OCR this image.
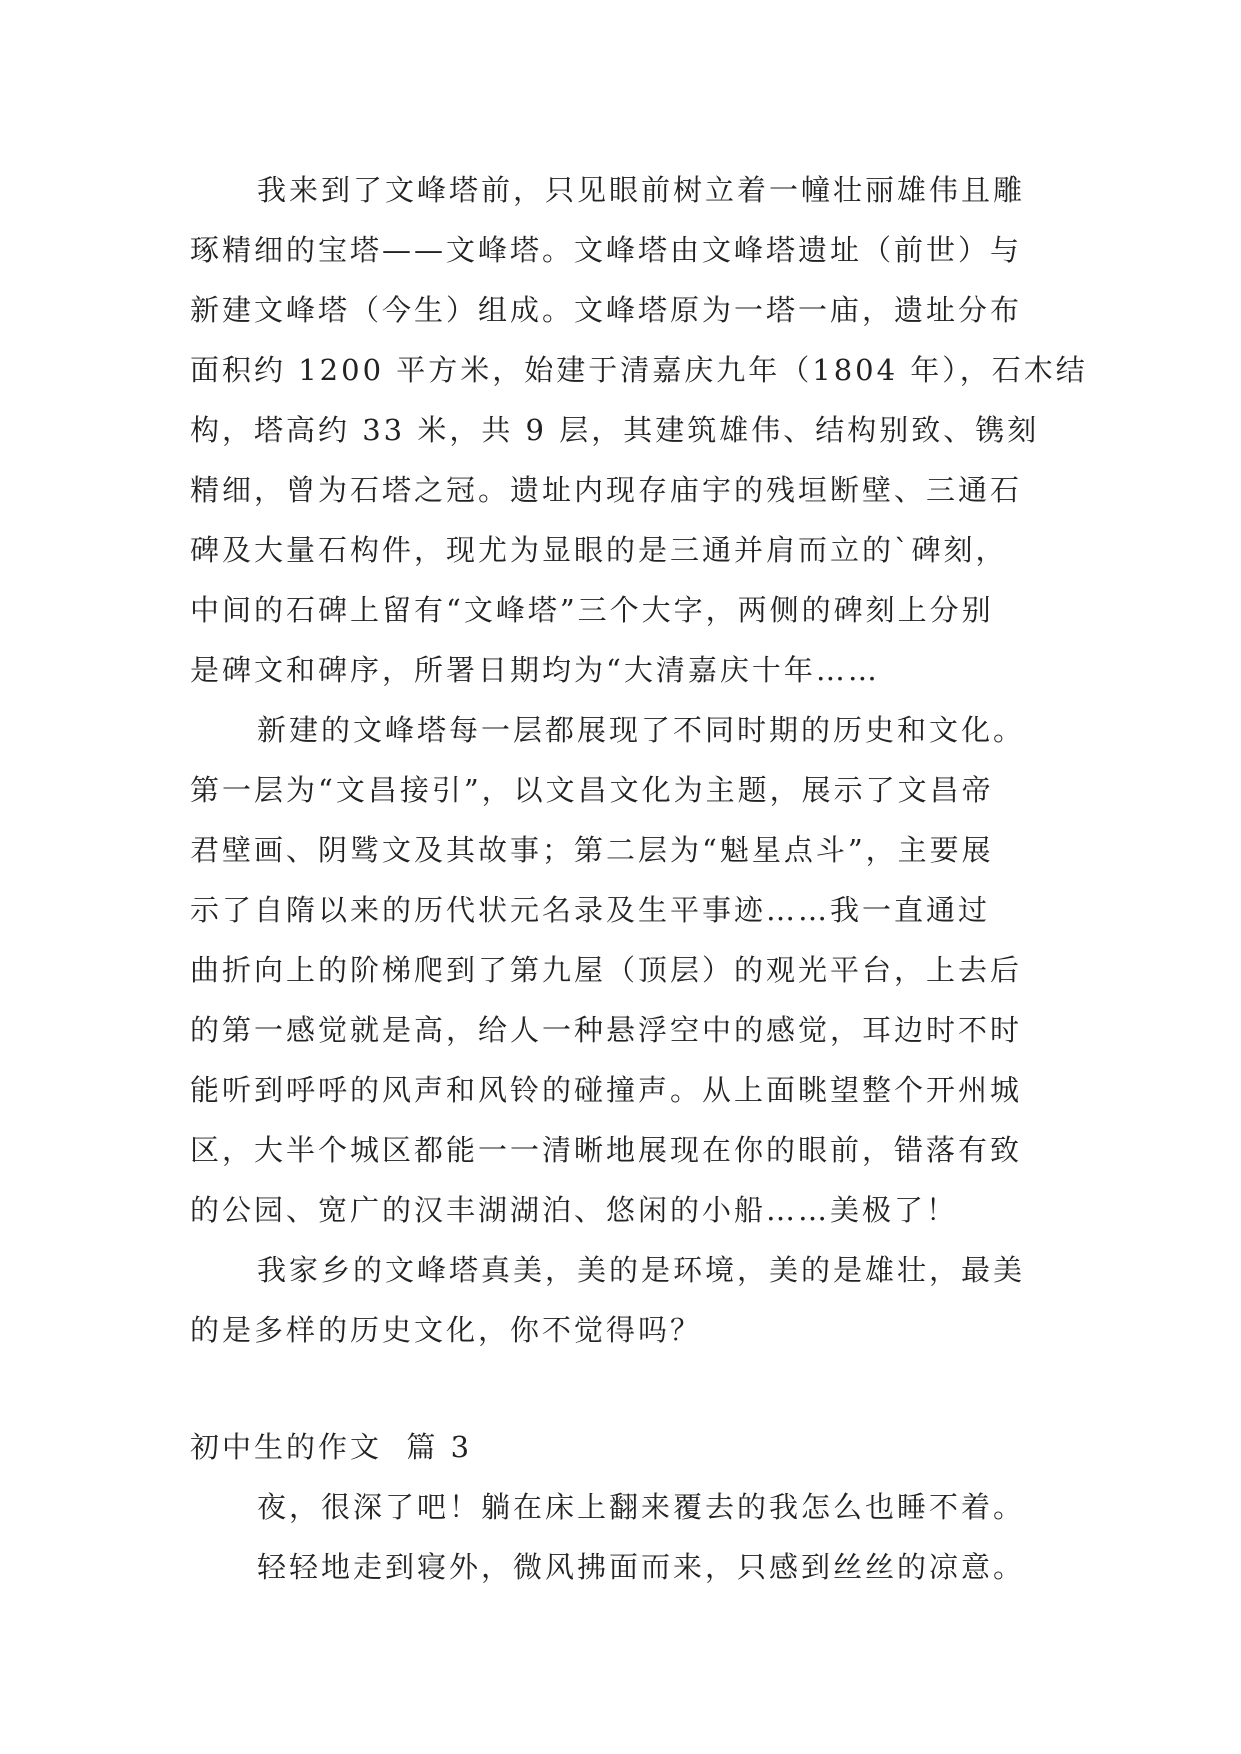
我来到了文峰塔前，只见眼前树立着一幢壮丽雄伟且雕
琢精细的宝塔——文峰塔。文峰塔由文峰塔遗址（前世）与
新建文峰塔（今生）组成。文峰塔原为一塔一庙，遗址分布
面积约 1200 平方米，始建于清嘉庆九年（1804 年），石木结
构，塔高约 33 米，共 9 层，其建筑雄伟、结构别致、镌刻
精细，曾为石塔之冠。遗址内现存庙宇的残垣断壁、三通石
碑及大量石构件，现尤为显眼的是三通并肩而立的`碑刻，
中间的石碑上留有“文峰塔”三个大字，两侧的碑刻上分别
是碑文和碑序，所署日期均为“大清嘉庆十年……
新建的文峰塔每一层都展现了不同时期的历史和文化。
第一层为“文昌接引”，以文昌文化为主题，展示了文昌帝
君壁画、阴骘文及其故事；第二层为“魁星点斗”，主要展
示了自隋以来的历代状元名录及生平事迹……我一直通过
曲折向上的阶梯爬到了第九屋（顶层）的观光平台，上去后
的第一感觉就是高，给人一种悬浮空中的感觉，耳边时不时
能听到呼呼的风声和风铃的碰撞声。从上面眺望整个开州城
区，大半个城区都能一一清晰地展现在你的眼前，错落有致
的公园、宽广的汉丰湖湖泊、悠闲的小船……美极了！
我家乡的文峰塔真美，美的是环境，美的是雄壮，最美
的是多样的历史文化，你不觉得吗？
初中生的作文  篇 3
夜，很深了吧！躺在床上翻来覆去的我怎么也睡不着。
轻轻地走到寝外，微风拂面而来，只感到丝丝的凉意。
